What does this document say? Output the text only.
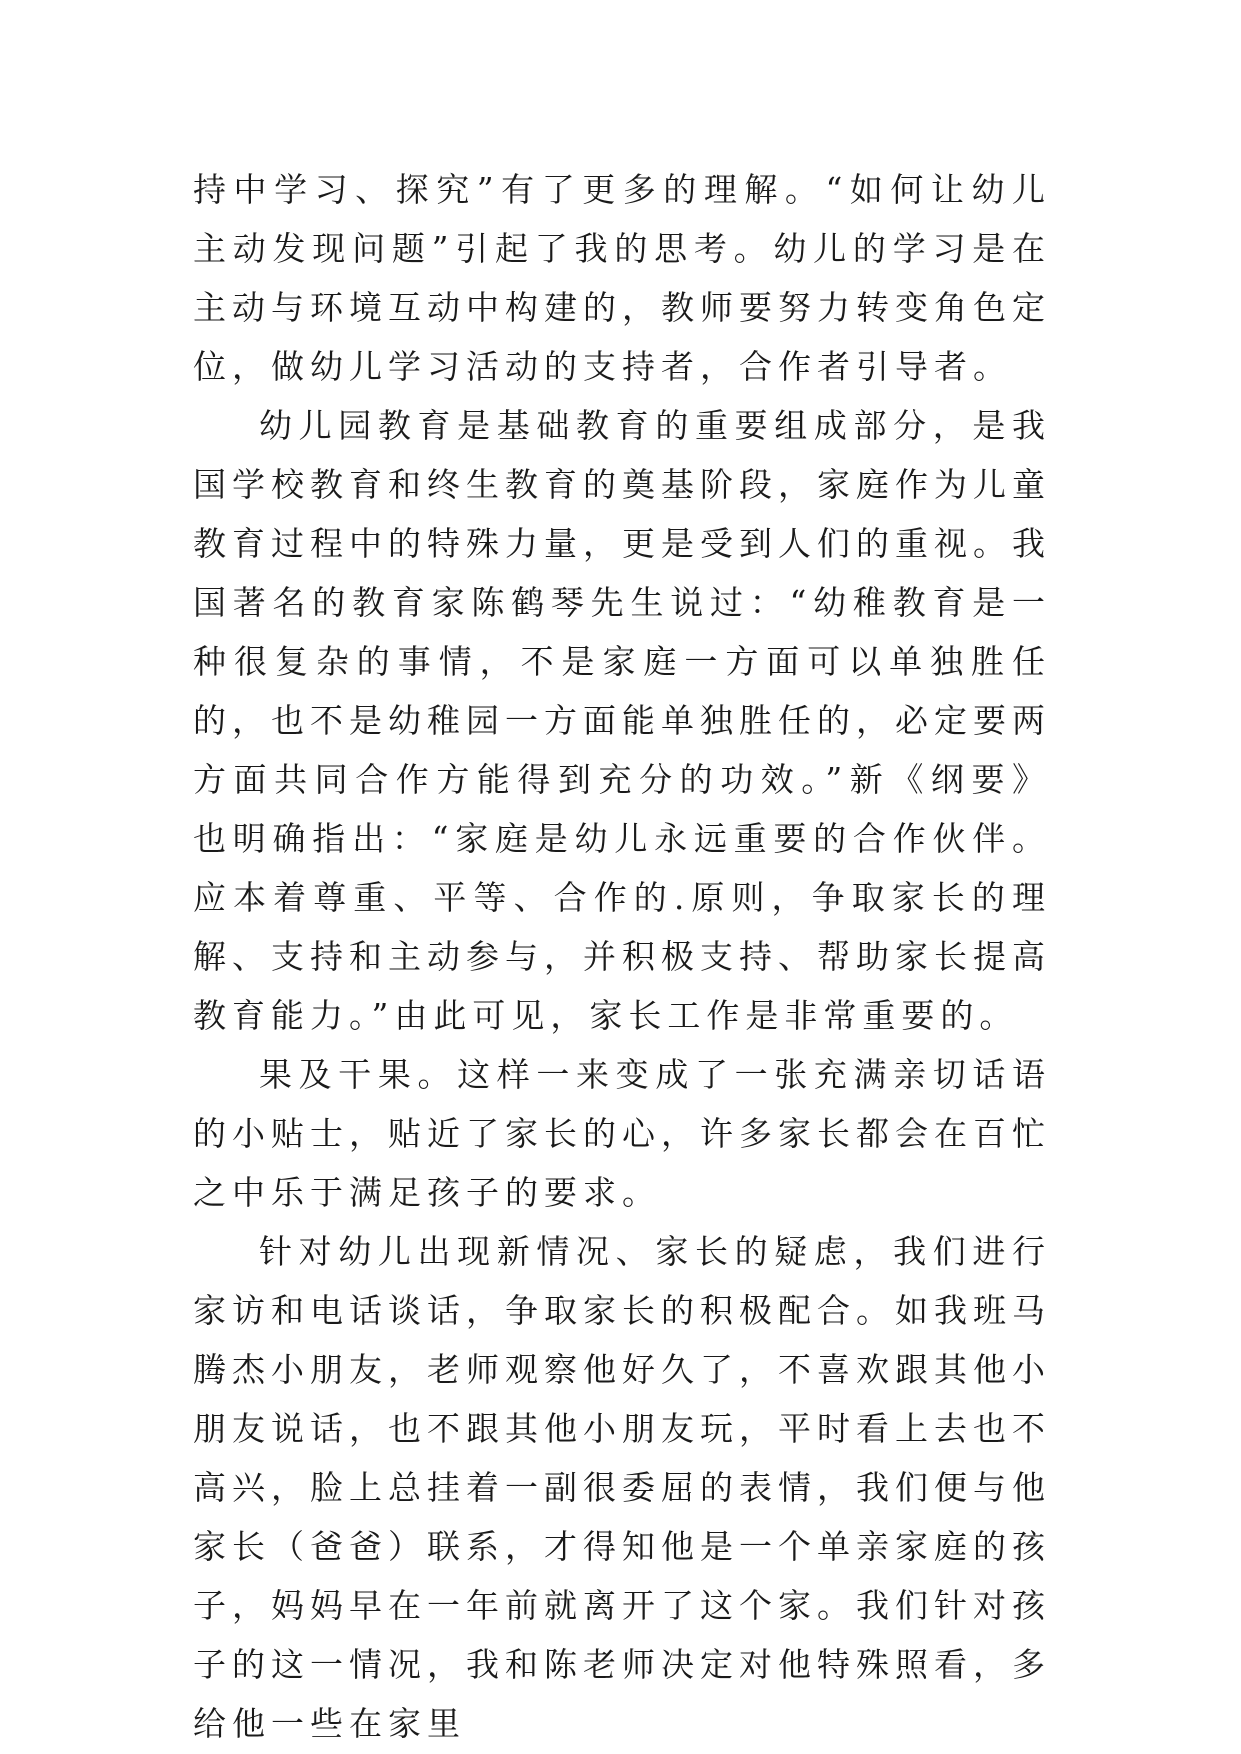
持中学习、探究”有了更多的理解。“如何让幼儿主动发现问题”引起了我的思考。幼儿的学习是在主动与环境互动中构建的，教师要努力转变角色定位，做幼儿学习活动的支持者，合作者引导者。

幼儿园教育是基础教育的重要组成部分，是我国学校教育和终生教育的奠基阶段，家庭作为儿童教育过程中的特殊力量，更是受到人们的重视。我国著名的教育家陈鹤琴先生说过：“幼稚教育是一种很复杂的事情，不是家庭一方面可以单独胜任的，也不是幼稚园一方面能单独胜任的，必定要两方面共同合作方能得到充分的功效。”新《纲要》也明确指出：“家庭是幼儿永远重要的合作伙伴。应本着尊重、平等、合作的.原则，争取家长的理解、支持和主动参与，并积极支持、帮助家长提高教育能力。”由此可见，家长工作是非常重要的。

果及干果。这样一来变成了一张充满亲切话语的小贴士，贴近了家长的心，许多家长都会在百忙之中乐于满足孩子的要求。

针对幼儿出现新情况、家长的疑虑，我们进行家访和电话谈话，争取家长的积极配合。如我班马腾杰小朋友，老师观察他好久了，不喜欢跟其他小朋友说话，也不跟其他小朋友玩，平时看上去也不高兴，脸上总挂着一副很委屈的表情，我们便与他家长（爸爸）联系，才得知他是一个单亲家庭的孩子，妈妈早在一年前就离开了这个家。我们针对孩子的这一情况，我和陈老师决定对他特殊照看，多给他一些在家里
